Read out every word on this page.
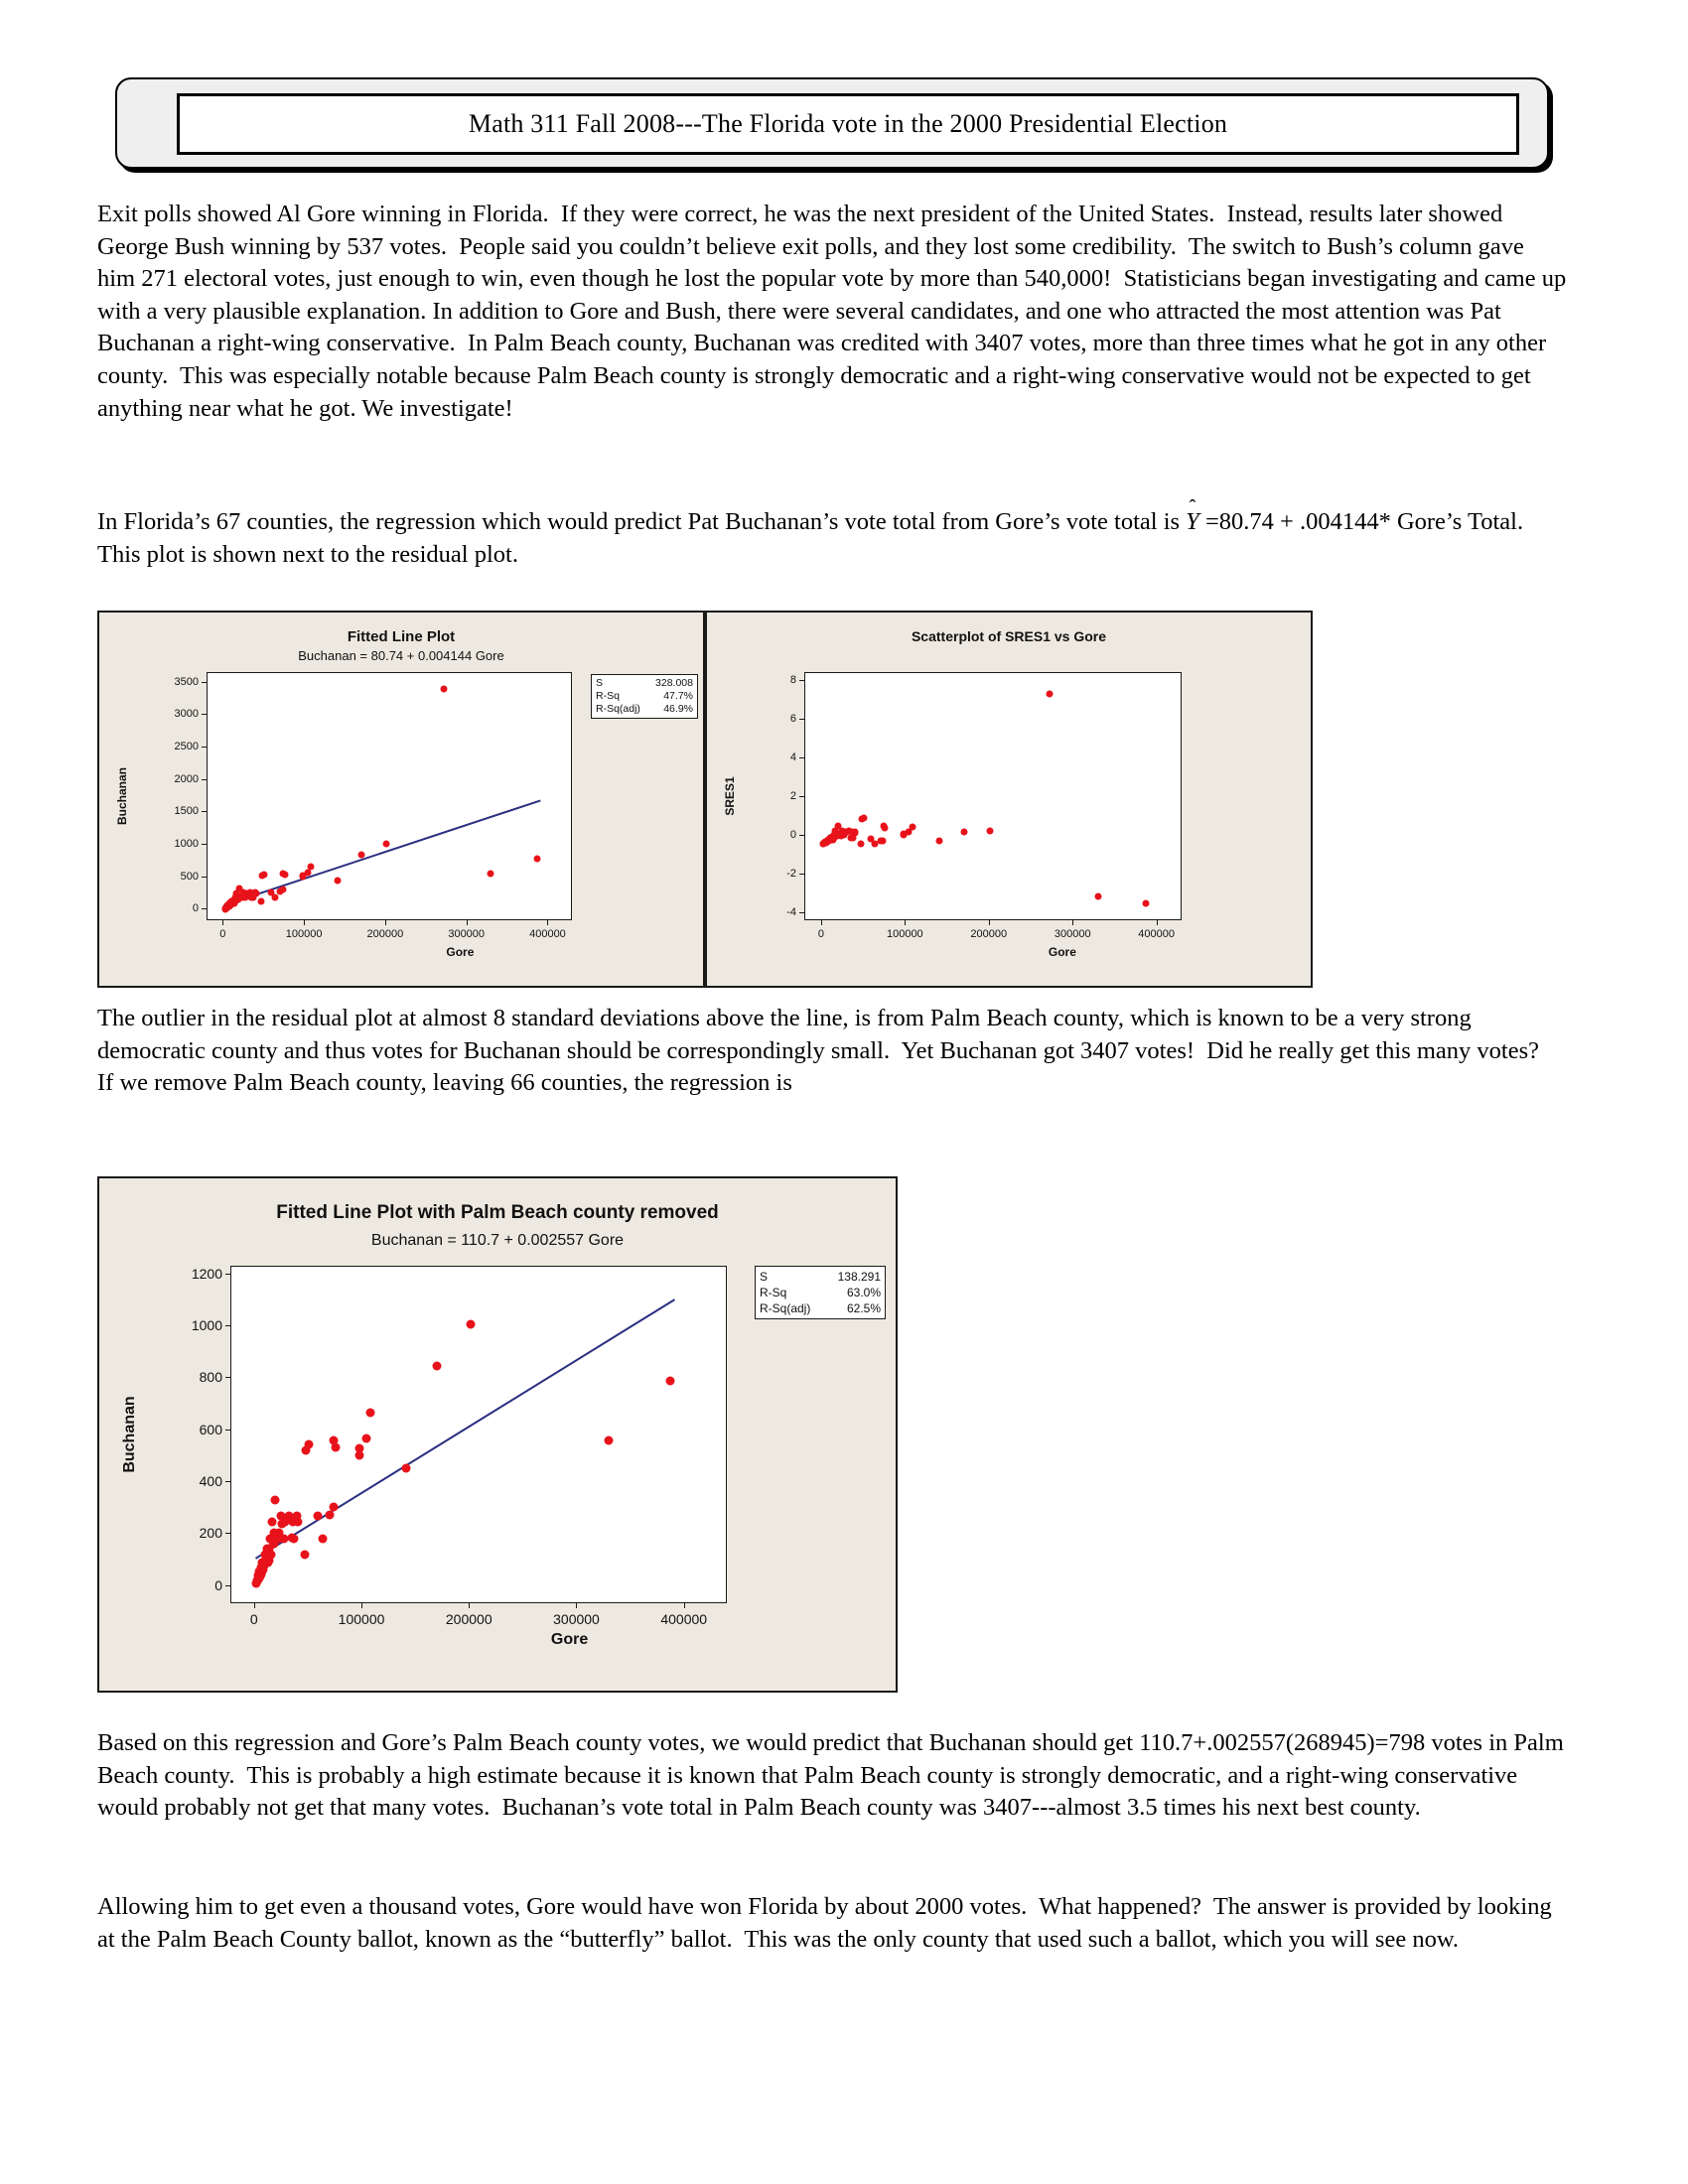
Math 311 Fall 2008---The Florida vote in the 2000 Presidential Election
Exit polls showed Al Gore winning in Florida.  If they were correct, he was the next president of the United States.  Instead, results later showed George Bush winning by 537 votes.  People said you couldn’t believe exit polls, and they lost some credibility.  The switch to Bush’s column gave him 271 electoral votes, just enough to win, even though he lost the popular vote by more than 540,000!  Statisticians began investigating and came up with a very plausible explanation. In addition to Gore and Bush, there were several candidates, and one who attracted the most attention was Pat Buchanan a right-wing conservative.  In Palm Beach county, Buchanan was credited with 3407 votes, more than three times what he got in any other county.  This was especially notable because Palm Beach county is strongly democratic and a right-wing conservative would not be expected to get anything near what he got. We investigate!
In Florida’s 67 counties, the regression which would predict Pat Buchanan’s vote total from Gore’s vote total is
Y =80.74 + .004144* Gore’s Total.  This plot is shown next to the residual plot.
Fitted Line Plot
Buchanan = 80.74 + 0.004144 Gore
0
500
1000
1500
2000
2500
3000
3500
0	100000	200000	300000	400000
Gore
Buchanan
S	328.008
R-Sq	47.7%
R-Sq(adj) 46.9%
Scatterplot of SRES1 vs Gore
-4
-2
0
2
4
6
8
0	100000	200000	300000	400000
Gore
SRES1
The outlier in the residual plot at almost 8 standard deviations above the line, is from Palm Beach county, which is known to be a very strong democratic county and thus votes for Buchanan should be correspondingly small.  Yet Buchanan got 3407 votes!  Did he really get this many votes?  If we remove Palm Beach county, leaving 66 counties, the regression is
Fitted Line Plot with Palm Beach county removed
Buchanan = 110.7 + 0.002557 Gore
0
200
400
600
800
1000
1200
0	100000	200000	300000	400000
Gore
Buchanan
S	138.291
R-Sq	63.0%
R-Sq(adj)	62.5%
Based on this regression and Gore’s Palm Beach county votes, we would predict that Buchanan should get 110.7+.002557(268945)=798 votes in Palm Beach county.  This is probably a high estimate because it is known that Palm Beach county is strongly democratic, and a right-wing conservative would probably not get that many votes.  Buchanan’s vote total in Palm Beach county was 3407---almost 3.5 times his next best county.
Allowing him to get even a thousand votes, Gore would have won Florida by about 2000 votes.  What happened?  The answer is provided by looking at the Palm Beach County ballot, known as the “butterfly” ballot.  This was the only county that used such a ballot, which you will see now.
